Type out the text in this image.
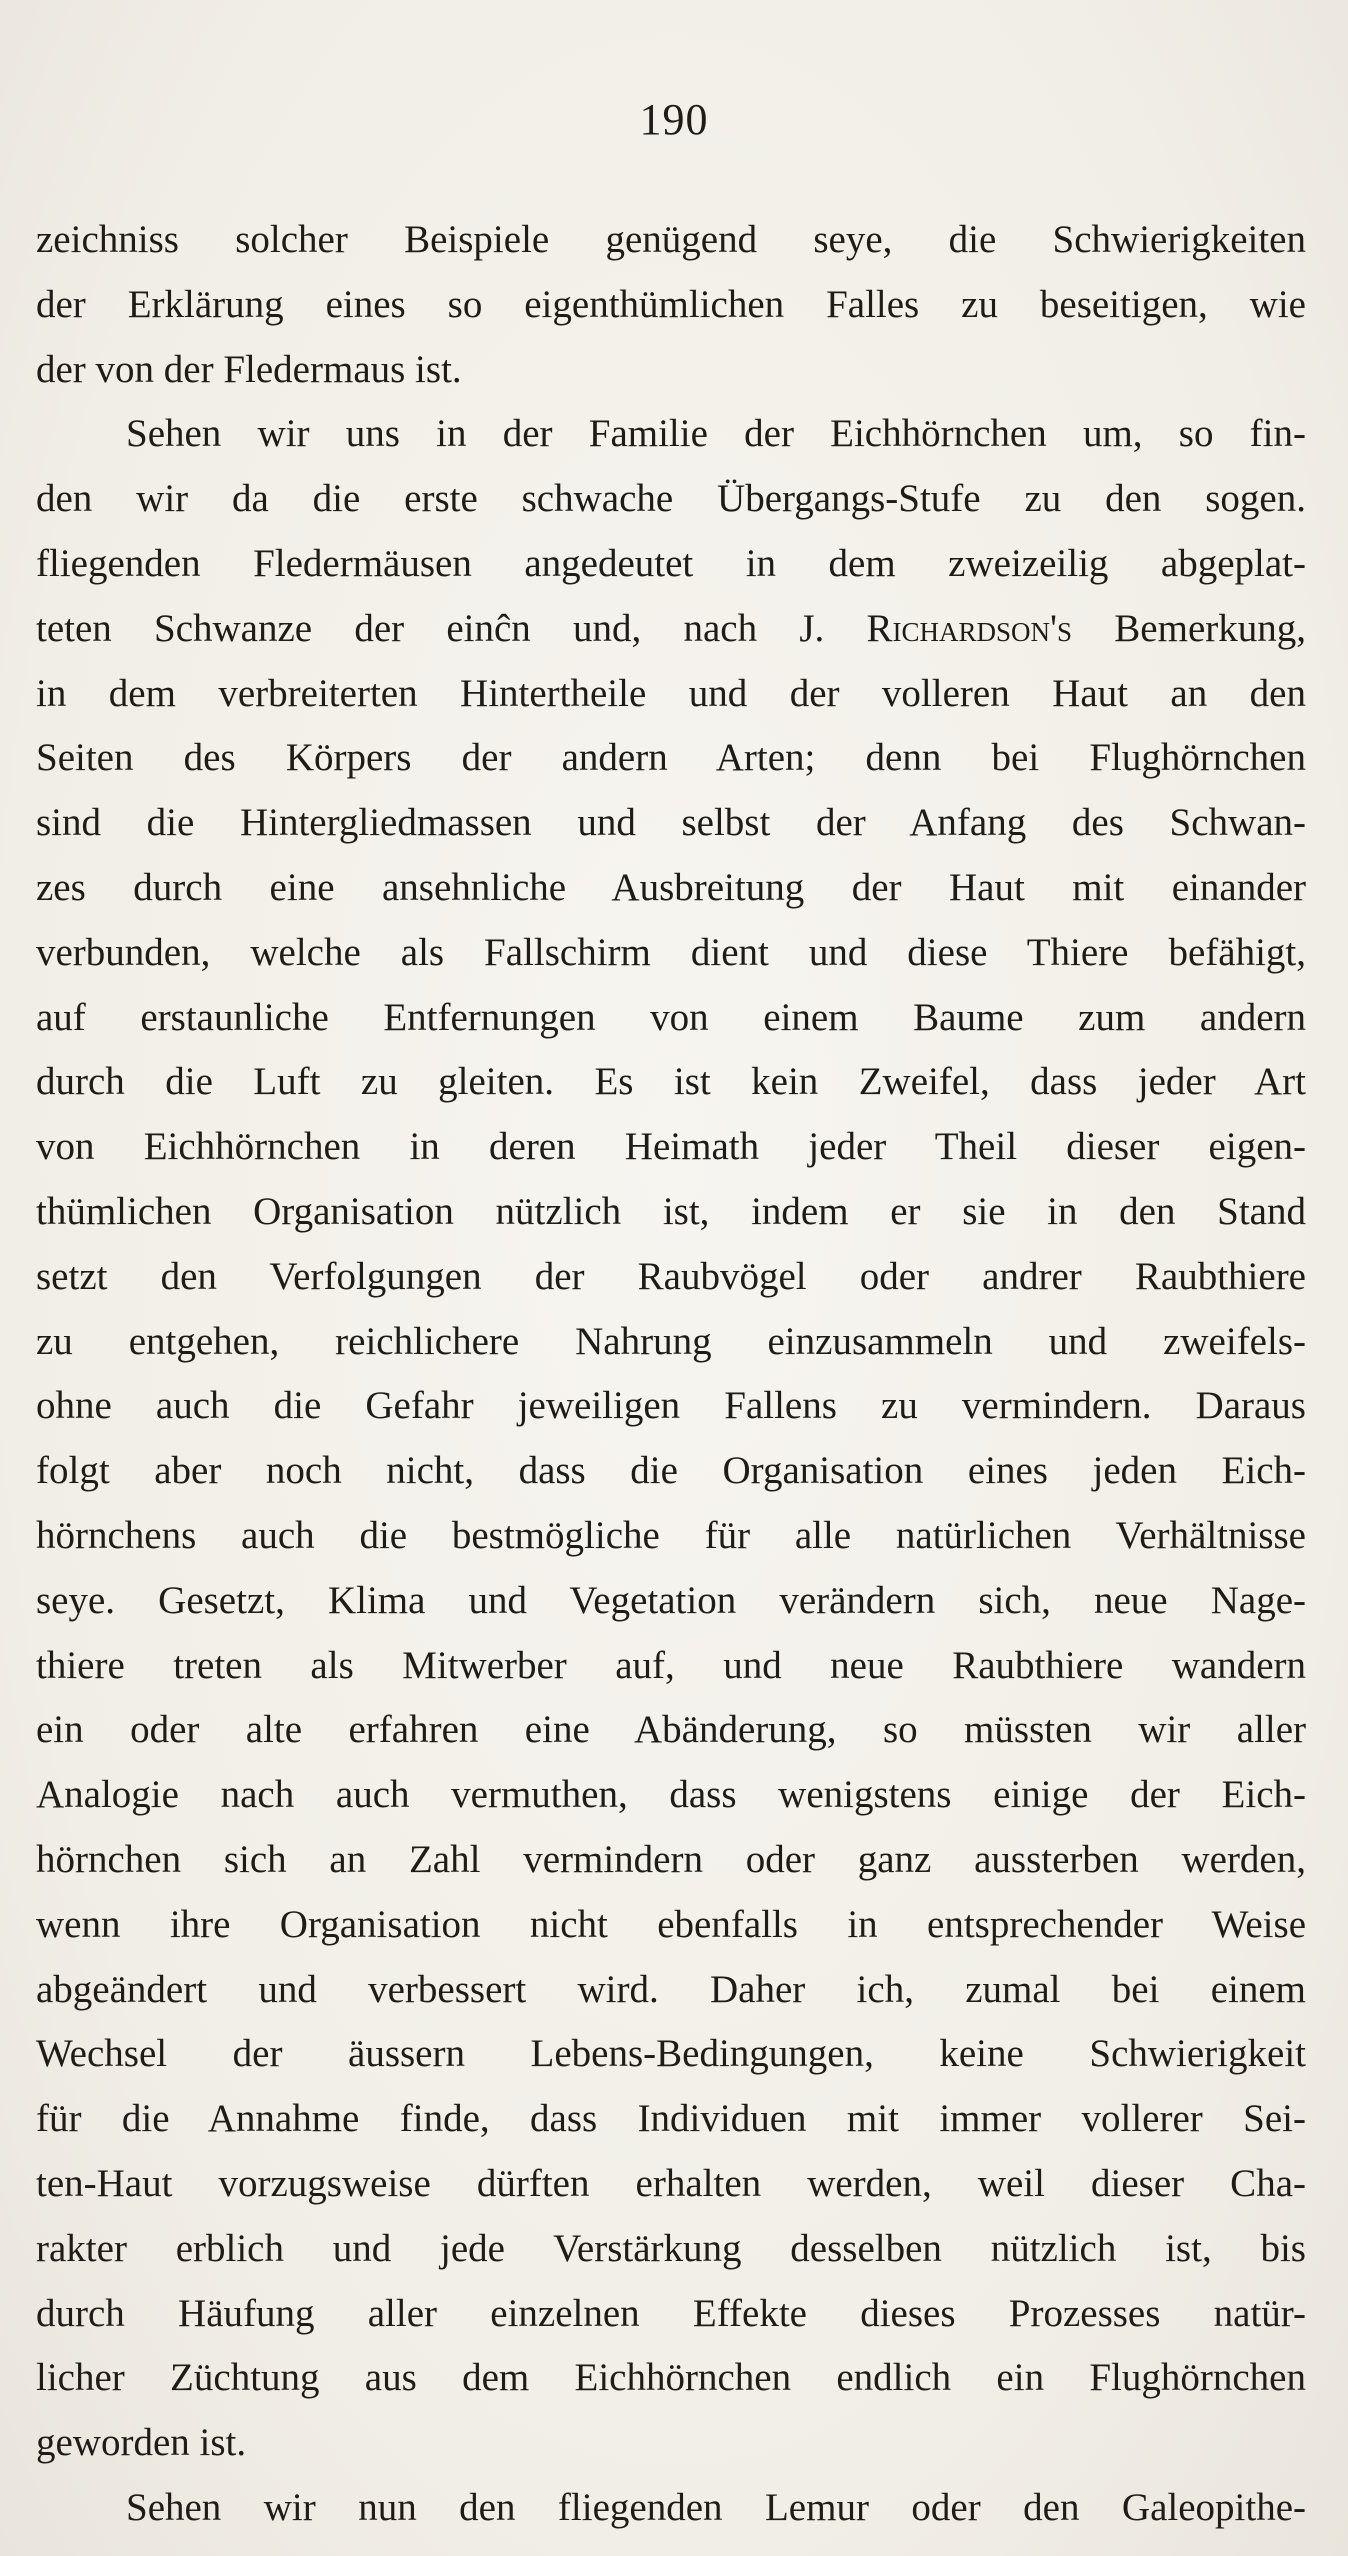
190
zeichniss solcher Beispiele genügend seye, die Schwierigkeiten
der Erklärung eines so eigenthümlichen Falles zu beseitigen, wie
der von der Fledermaus ist.
Sehen wir uns in der Familie der Eichhörnchen um, so fin-
den wir da die erste schwache Übergangs-Stufe zu den sogen.
fliegenden Fledermäusen angedeutet in dem zweizeilig abgeplat-
teten Schwanze der einĉn und, nach J. Richardson's Bemerkung,
in dem verbreiterten Hintertheile und der volleren Haut an den
Seiten des Körpers der andern Arten; denn bei Flughörnchen
sind die Hintergliedmassen und selbst der Anfang des Schwan-
zes durch eine ansehnliche Ausbreitung der Haut mit einander
verbunden, welche als Fallschirm dient und diese Thiere befähigt,
auf erstaunliche Entfernungen von einem Baume zum andern
durch die Luft zu gleiten. Es ist kein Zweifel, dass jeder Art
von Eichhörnchen in deren Heimath jeder Theil dieser eigen-
thümlichen Organisation nützlich ist, indem er sie in den Stand
setzt den Verfolgungen der Raubvögel oder andrer Raubthiere
zu entgehen, reichlichere Nahrung einzusammeln und zweifels-
ohne auch die Gefahr jeweiligen Fallens zu vermindern. Daraus
folgt aber noch nicht, dass die Organisation eines jeden Eich-
hörnchens auch die bestmögliche für alle natürlichen Verhältnisse
seye. Gesetzt, Klima und Vegetation verändern sich, neue Nage-
thiere treten als Mitwerber auf, und neue Raubthiere wandern
ein oder alte erfahren eine Abänderung, so müssten wir aller
Analogie nach auch vermuthen, dass wenigstens einige der Eich-
hörnchen sich an Zahl vermindern oder ganz aussterben werden,
wenn ihre Organisation nicht ebenfalls in entsprechender Weise
abgeändert und verbessert wird. Daher ich, zumal bei einem
Wechsel der äussern Lebens-Bedingungen, keine Schwierigkeit
für die Annahme finde, dass Individuen mit immer vollerer Sei-
ten-Haut vorzugsweise dürften erhalten werden, weil dieser Cha-
rakter erblich und jede Verstärkung desselben nützlich ist, bis
durch Häufung aller einzelnen Effekte dieses Prozesses natür-
licher Züchtung aus dem Eichhörnchen endlich ein Flughörnchen
geworden ist.
Sehen wir nun den fliegenden Lemur oder den Galeopithe-
